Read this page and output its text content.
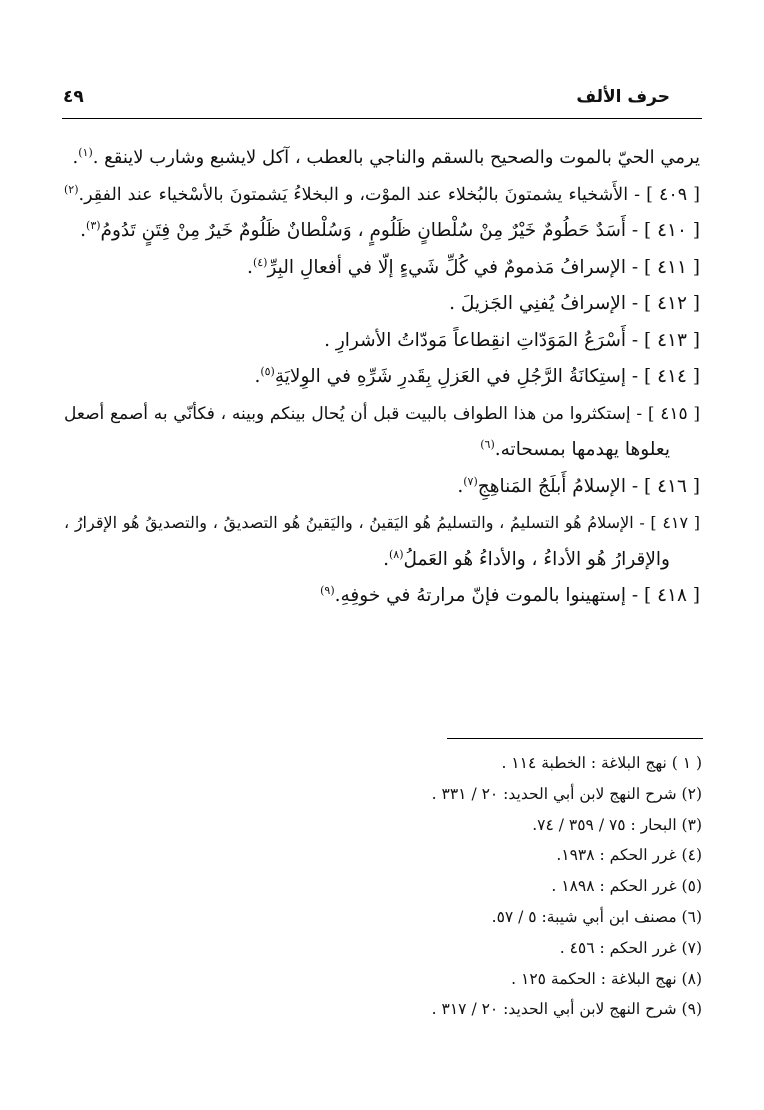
حرف الألف
٤٩
يرمي الحيّ بالموت والصحيح بالسقم والناجي بالعطب ، آكل لايشبع وشارب لاينقع .$^{(١)}$.
[ ٤٠٩ ] - الأَشخياء يشمتونَ بالبُخلاء عند الموْت، و البخلاءُ يَشمتونَ بالأسْخياء عند الفقِر.$^{(٢)}$
[ ٤١٠ ] - أَسَدٌ حَطُومٌ خَيْرٌ مِنْ سُلْطانٍ ظَلُومٍ ، وَسُلْطانٌ ظَلُومٌ خَيرٌ مِنْ فِتَنٍ تَدُومُ$^{(٣)}$.
[ ٤١١ ] - الإسرافُ مَذمومٌ في كُلِّ شَيءٍ إلّا في أفعالِ البِرِّ$^{(٤)}$.
[ ٤١٢ ] - الإسرافُ يُفنِي الجَزيلَ .
[ ٤١٣ ] - أَسْرَعُ المَوَدّاتِ انقِطاعاً مَودّاتُ الأشرارِ .
[ ٤١٤ ] - إستِكانَةُ الرَّجُلِ في العَزلِ بِقَدرِ شَرِّهِ في الوِلايَةِ$^{(٥)}$.
[ ٤١٥ ] - إستكثروا من هذا الطواف بالبيت قبل أن يُحال بينكم وبينه ، فكأنّي به أصمع أصعل
يعلوها يهدمها بمسحاته.$^{(٦)}$
[ ٤١٦ ] - الإسلامُ أَبلَجُ المَناهِجِ$^{(٧)}$.
[ ٤١٧ ] - الإسلامُ هُو التسليمُ ، والتسليمُ هُو اليَقينُ ، واليَقينُ هُو التصديقُ ، والتصديقُ هُو الإقرارُ ،
والإقرارُ هُو الأداءُ ، والأداءُ هُو العَملُ$^{(٨)}$.
[ ٤١٨ ] - إستهينوا بالموت فإنّ مرارتهُ في خوفِهِ.$^{(٩)}$
( ١ ) نهج البلاغة : الخطبة ١١٤ .
(٢) شرح النهج لابن أبي الحديد: ٢٠ / ٣٣١ .
(٣) البحار : ٧٥ / ٣٥٩ / ٧٤.
(٤) غرر الحكم : ١٩٣٨.
(٥) غرر الحكم : ١٨٩٨ .
(٦) مصنف ابن أبي شيبة: ٥ / ٥٧.
(٧) غرر الحكم : ٤٥٦ .
(٨) نهج البلاغة : الحكمة ١٢٥ .
(٩) شرح النهج لابن أبي الحديد: ٢٠ / ٣١٧ .
